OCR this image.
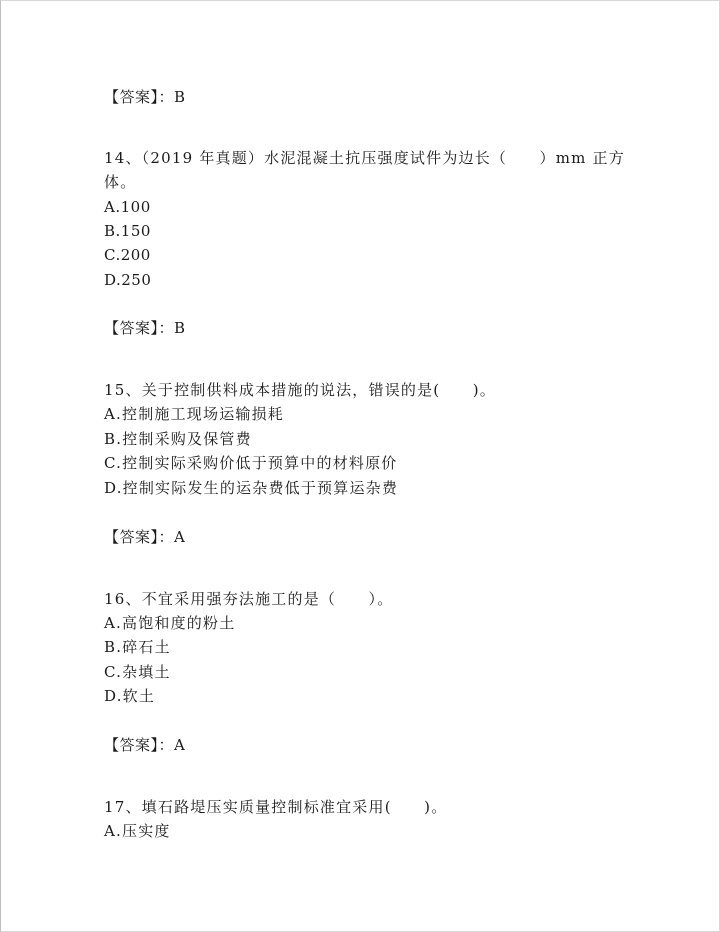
【答案】：B
14、（2019 年真题）水泥混凝土抗压强度试件为边长（　　）mm 正方
体。
A.100
B.150
C.200
D.250
【答案】：B
15、关于控制供料成本措施的说法，错误的是(　　)。
A.控制施工现场运输损耗
B.控制采购及保管费
C.控制实际采购价低于预算中的材料原价
D.控制实际发生的运杂费低于预算运杂费
【答案】：A
16、不宜采用强夯法施工的是（　　）。
A.高饱和度的粉土
B.碎石土
C.杂填土
D.软土
【答案】：A
17、填石路堤压实质量控制标准宜采用(　　)。
A.压实度
